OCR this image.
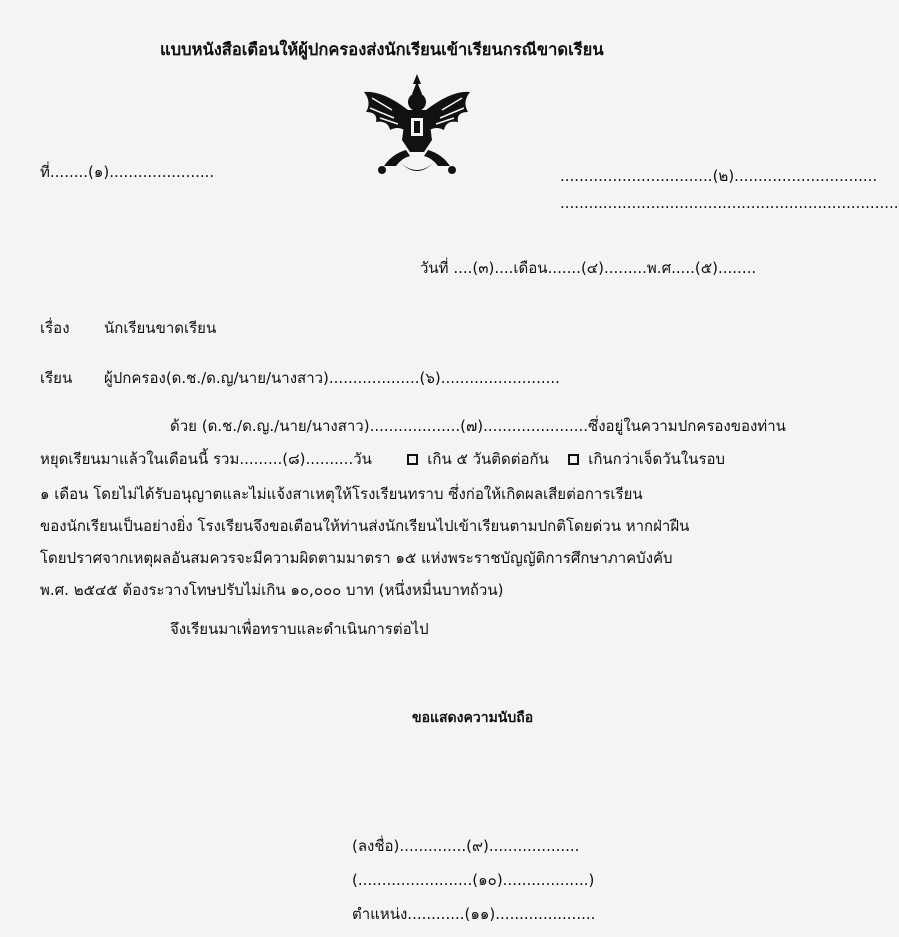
แบบหนังสือเตือนให้ผู้ปกครองส่งนักเรียนเข้าเรียนกรณีขาดเรียน
ที่........(๑)......................	................................(๒)..............................
.......................................................................
วันที่ ....(๓)....เดือน.......(๔).........พ.ศ.....(๕)........
เรื่อง นักเรียนขาดเรียน
เรียน ผู้ปกครอง(ด.ช./ด.ญ/นาย/นางสาว)...................(๖).........................
ด้วย (ด.ช./ด.ญ./นาย/นางสาว)...................(๗)......................ซึ่งอยู่ในความปกครองของท่าน
หยุดเรียนมาแล้วในเดือนนี้ รวม.........(๘)..........วัน	เกิน ๕ วันติดต่อกัน	เกินกว่าเจ็ดวันในรอบ
๑ เดือน โดยไม่ได้รับอนุญาตและไม่แจ้งสาเหตุให้โรงเรียนทราบ ซึ่งก่อให้เกิดผลเสียต่อการเรียน
ของนักเรียนเป็นอย่างยิ่ง โรงเรียนจึงขอเตือนให้ท่านส่งนักเรียนไปเข้าเรียนตามปกติโดยด่วน หากฝ่าฝืน
โดยปราศจากเหตุผลอันสมควรจะมีความผิดตามมาตรา ๑๕ แห่งพระราชบัญญัติการศึกษาภาคบังคับ
พ.ศ. ๒๕๔๕ ต้องระวางโทษปรับไม่เกิน ๑๐,๐๐๐ บาท (หนึ่งหมื่นบาทถ้วน)
จึงเรียนมาเพื่อทราบและดำเนินการต่อไป
ขอแสดงความนับถือ
(ลงชื่อ)..............(๙)...................
(........................(๑๐)..................)
ตำแหน่ง............(๑๑).....................
